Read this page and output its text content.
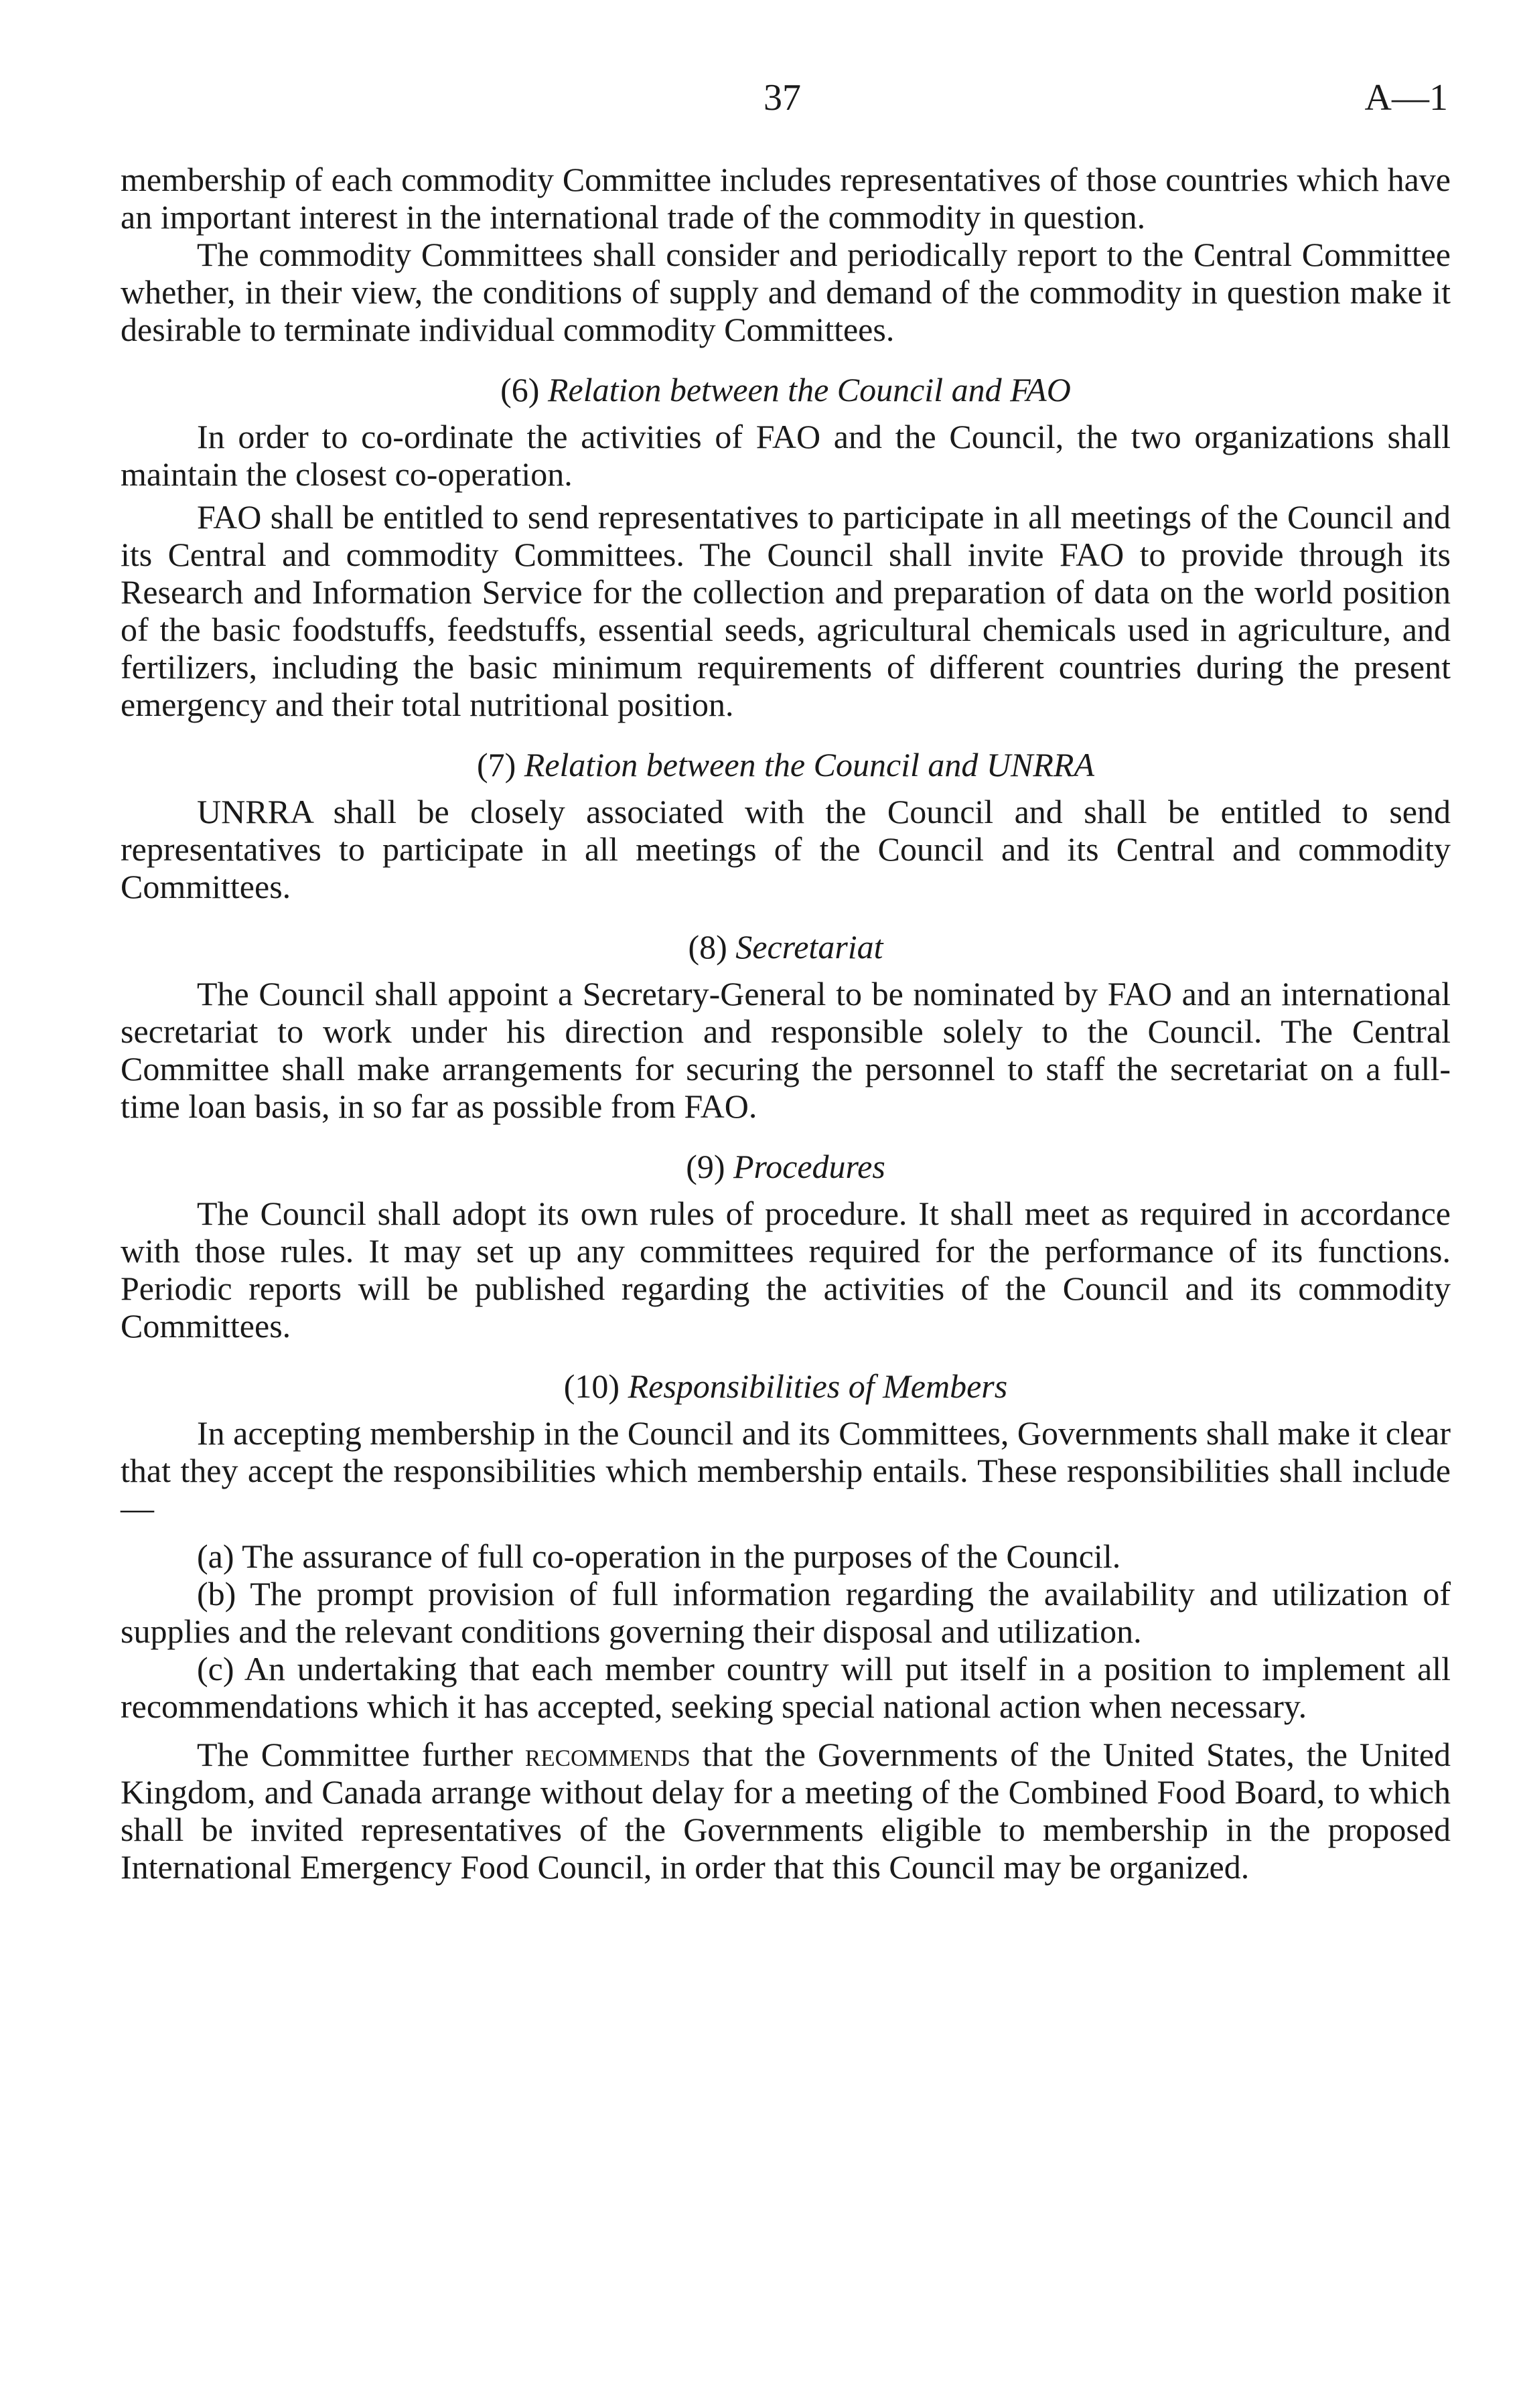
37	A—1

membership of each commodity Committee includes representatives of those countries which have an important interest in the international trade of the commodity in question.

The commodity Committees shall consider and periodically report to the Central Committee whether, in their view, the conditions of supply and demand of the commodity in question make it desirable to terminate individual commodity Committees.

(6) Relation between the Council and FAO

In order to co-ordinate the activities of FAO and the Council, the two organizations shall maintain the closest co-operation.

FAO shall be entitled to send representatives to participate in all meetings of the Council and its Central and commodity Committees. The Council shall invite FAO to provide through its Research and Information Service for the collection and preparation of data on the world position of the basic foodstuffs, feedstuffs, essential seeds, agricultural chemicals used in agriculture, and fertilizers, including the basic minimum requirements of different countries during the present emergency and their total nutritional position.

(7) Relation between the Council and UNRRA

UNRRA shall be closely associated with the Council and shall be entitled to send representatives to participate in all meetings of the Council and its Central and commodity Committees.

(8) Secretariat

The Council shall appoint a Secretary-General to be nominated by FAO and an international secretariat to work under his direction and responsible solely to the Council. The Central Committee shall make arrangements for securing the personnel to staff the secretariat on a full-time loan basis, in so far as possible from FAO.

(9) Procedures

The Council shall adopt its own rules of procedure. It shall meet as required in accordance with those rules. It may set up any committees required for the performance of its functions. Periodic reports will be published regarding the activities of the Council and its commodity Committees.

(10) Responsibilities of Members

In accepting membership in the Council and its Committees, Governments shall make it clear that they accept the responsibilities which membership entails. These responsibilities shall include—

(a) The assurance of full co-operation in the purposes of the Council.

(b) The prompt provision of full information regarding the availability and utilization of supplies and the relevant conditions governing their disposal and utilization.

(c) An undertaking that each member country will put itself in a position to implement all recommendations which it has accepted, seeking special national action when necessary.

The Committee further recommends that the Governments of the United States, the United Kingdom, and Canada arrange without delay for a meeting of the Combined Food Board, to which shall be invited representatives of the Governments eligible to membership in the proposed International Emergency Food Council, in order that this Council may be organized.
